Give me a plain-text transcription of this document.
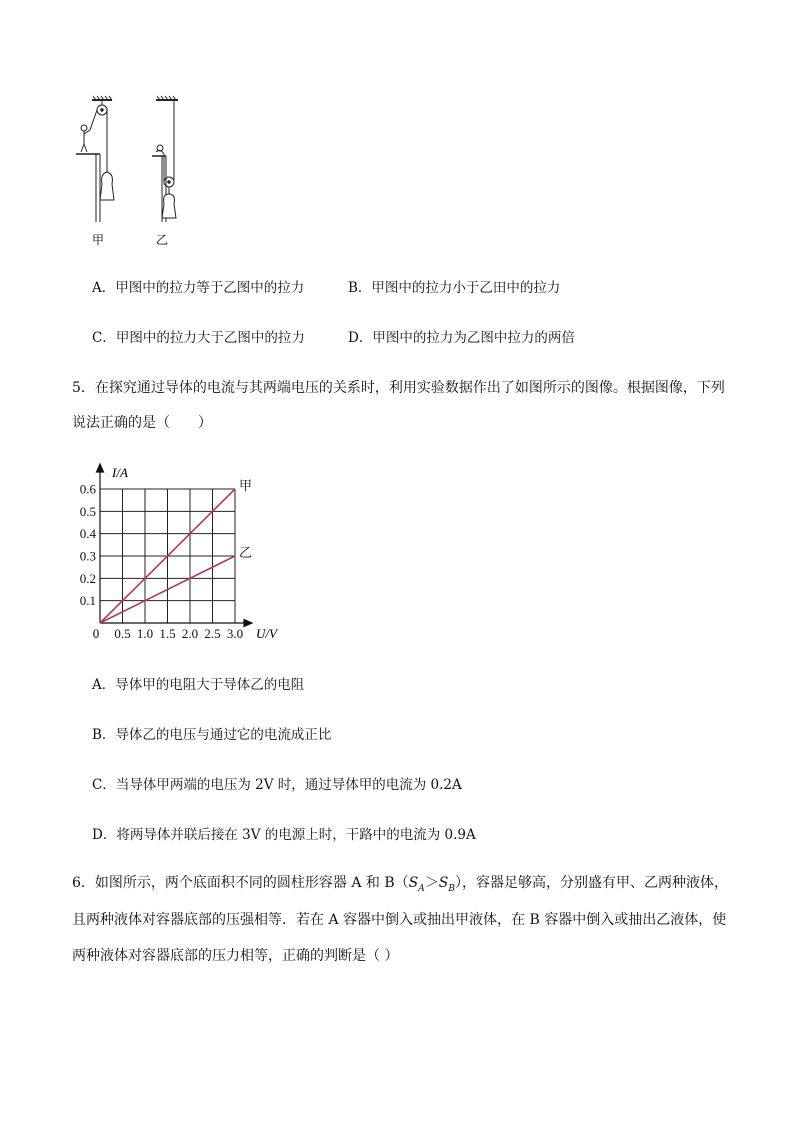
甲	乙
A．甲图中的拉力等于乙图中的拉力	B．甲图中的拉力小于乙田中的拉力
C．甲图中的拉力大于乙图中的拉力	D．甲图中的拉力为乙图中拉力的两倍
5．在探究通过导体的电流与其两端电压的关系时，利用实验数据作出了如图所示的图像。根据图像，下列
说法正确的是（　　）
0 0.5 1.0 1.5 2.0 2.5 3.0
0.1
0.2
0.3
0.4
0.5
0.6	甲
乙
I/A
U/V
A．导体甲的电阻大于导体乙的电阻
B．导体乙的电压与通过它的电流成正比
C．当导体甲两端的电压为 2V 时，通过导体甲的电流为 0.2A
D．将两导体并联后接在 3V 的电源上时，干路中的电流为 0.9A
6．如图所示，两个底面积不同的圆柱形容器 A 和 $B(S_A>S_B)$，容器足够高，分别盛有甲、乙两种液体，
且两种液体对容器底部的压强相等．若在 A 容器中倒入或抽出甲液体，在 B 容器中倒入或抽出乙液体，使
两种液体对容器底部的压力相等，正确的判断是（ ）
